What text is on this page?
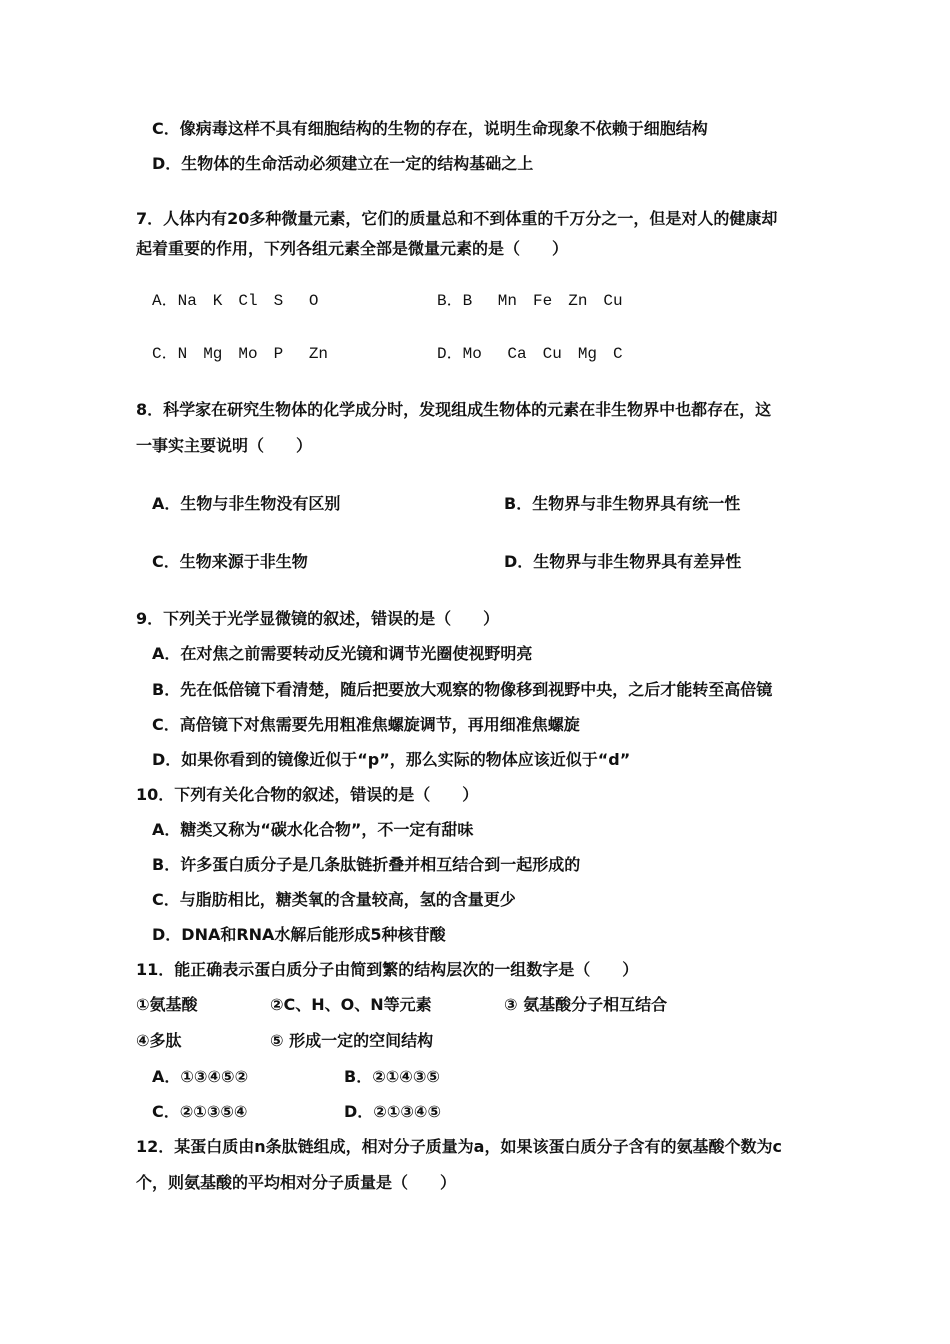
C．像病毒这样不具有细胞结构的生物的存在，说明生命现象不依赖于细胞结构
D．生物体的生命活动必须建立在一定的结构基础之上
7．人体内有20多种微量元素，它们的质量总和不到体重的千万分之一，但是对人的健康却
起着重要的作用，下列各组元素全部是微量元素的是（　　）
A．Na　K　Cl　S　 O	B．B　 Mn　Fe　Zn　Cu
C．N　Mg　Mo　P　 Zn	D．Mo　 Ca　Cu　Mg　C
8．科学家在研究生物体的化学成分时，发现组成生物体的元素在非生物界中也都存在，这
一事实主要说明（　　）
A．生物与非生物没有区别	B．生物界与非生物界具有统一性
C．生物来源于非生物	D．生物界与非生物界具有差异性
9．下列关于光学显微镜的叙述，错误的是（　　）
A．在对焦之前需要转动反光镜和调节光圈使视野明亮
B．先在低倍镜下看清楚，随后把要放大观察的物像移到视野中央，之后才能转至高倍镜
C．高倍镜下对焦需要先用粗准焦螺旋调节，再用细准焦螺旋
D．如果你看到的镜像近似于“p”，那么实际的物体应该近似于“d”
10．下列有关化合物的叙述，错误的是（　　）
A．糖类又称为“碳水化合物”，不一定有甜味
B．许多蛋白质分子是几条肽链折叠并相互结合到一起形成的
C．与脂肪相比，糖类氧的含量较高，氢的含量更少
D．DNA和RNA水解后能形成5种核苷酸
11．能正确表示蛋白质分子由简到繁的结构层次的一组数字是（　　）
①氨基酸	②C、H、O、N等元素	③ 氨基酸分子相互结合
④多肽	⑤ 形成一定的空间结构
A．①③④⑤②	B．②①④③⑤
C．②①③⑤④	D．②①③④⑤
12．某蛋白质由n条肽链组成，相对分子质量为a，如果该蛋白质分子含有的氨基酸个数为c
个，则氨基酸的平均相对分子质量是（　　）
